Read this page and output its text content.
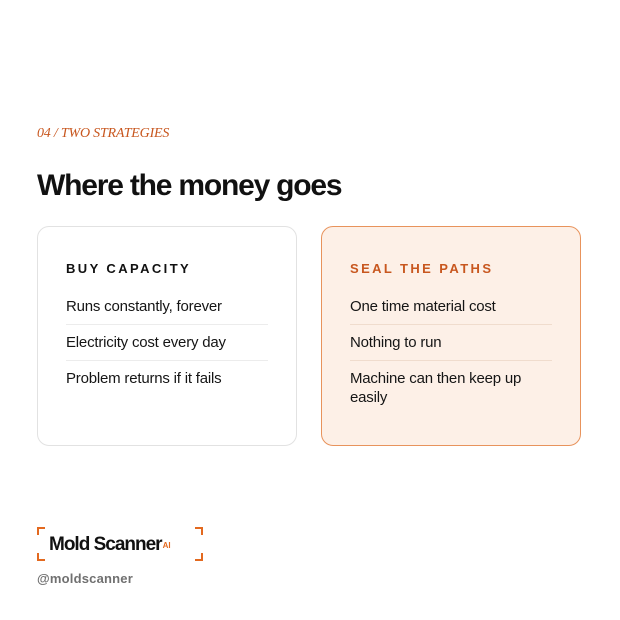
04 / TWO STRATEGIES
Where the money goes
BUY CAPACITY
Runs constantly, forever
Electricity cost every day
Problem returns if it fails
SEAL THE PATHS
One time material cost
Nothing to run
Machine can then keep up easily
Mold Scanner$^{AI}$
@moldscanner
